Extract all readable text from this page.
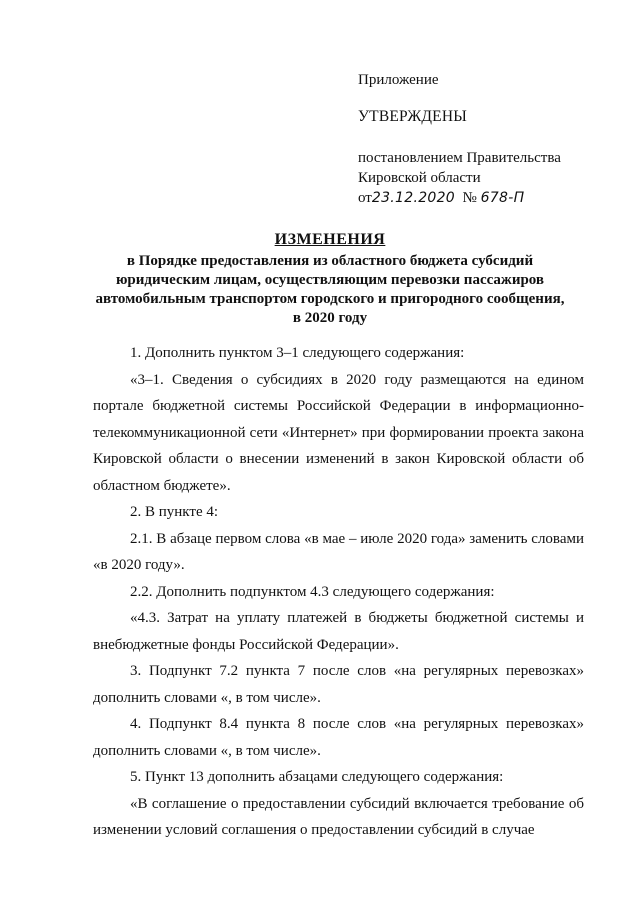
Приложение

УТВЕРЖДЕНЫ

постановлением Правительства

Кировской области

от23.12.2020 № 678-П

ИЗМЕНЕНИЯ
в Порядке предоставления из областного бюджета субсидий
юридическим лицам, осуществляющим перевозки пассажиров
автомобильным транспортом городского и пригородного сообщения,
в 2020 году

1. Дополнить пунктом 3–1 следующего содержания:

«3–1. Сведения о субсидиях в 2020 году размещаются на едином портале бюджетной системы Российской Федерации в информационно-телекоммуникационной сети «Интернет» при формировании проекта закона Кировской области о внесении изменений в закон Кировской области об областном бюджете».

2. В пункте 4:

2.1. В абзаце первом слова «в мае – июле 2020 года» заменить словами «в 2020 году».

2.2. Дополнить подпунктом 4.3 следующего содержания:

«4.3. Затрат на уплату платежей в бюджеты бюджетной системы и внебюджетные фонды Российской Федерации».

3. Подпункт 7.2 пункта 7 после слов «на регулярных перевозках» дополнить словами «, в том числе».

4. Подпункт 8.4 пункта 8 после слов «на регулярных перевозках» дополнить словами «, в том числе».

5. Пункт 13 дополнить абзацами следующего содержания:

«В соглашение о предоставлении субсидий включается требование об изменении условий соглашения о предоставлении субсидий в случае
